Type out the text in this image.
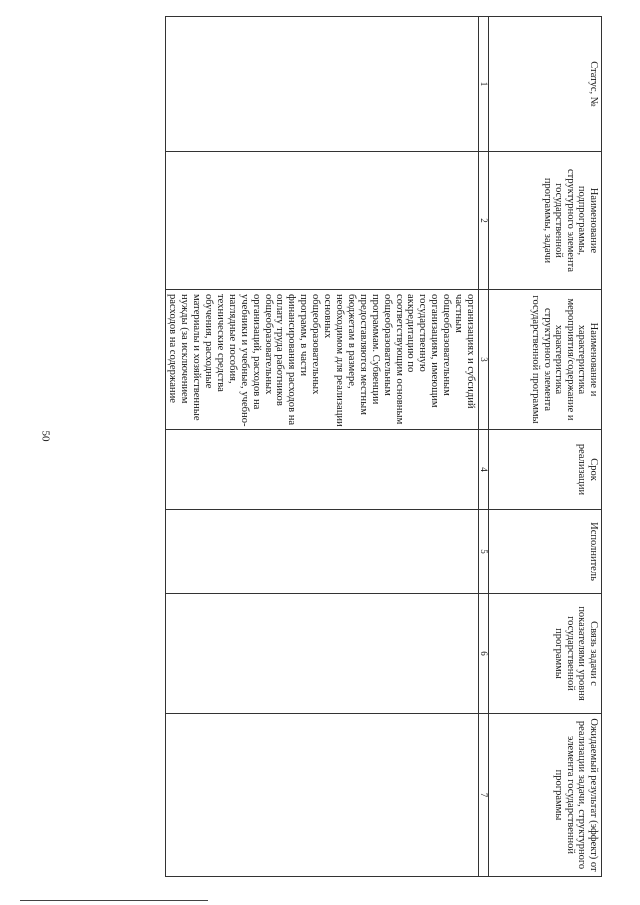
50
Статус, №	Наименование подпрограммы, структурного элемента государственной программы, задачи	Наименование и характеристика мероприятия/содержание и характеристика структурного элемента государственной программы	Срок реализации	Исполнитель	Связь задачи с показателями уровня государственной программы	Ожидаемый результат (эффект) от реализации задачи, структурного элемента государственной программы
1	2	3	4	5	6	7
		организациях и субсидий частным общеобразовательным организациям, имеющим государственную аккредитацию по соответствующим основным общеобразовательным программам. Субвенции предоставляются местным бюджетам в размере, необходимом для реализации основных общеобразовательных программ, в части финансирования расходов на оплату труда работников общеобразовательных организаций, расходов на учебники и учебные, учебно-наглядные пособия, технические средства обучения, расходные материалы и хозяйственные нужды (за исключением расходов на содержание				
